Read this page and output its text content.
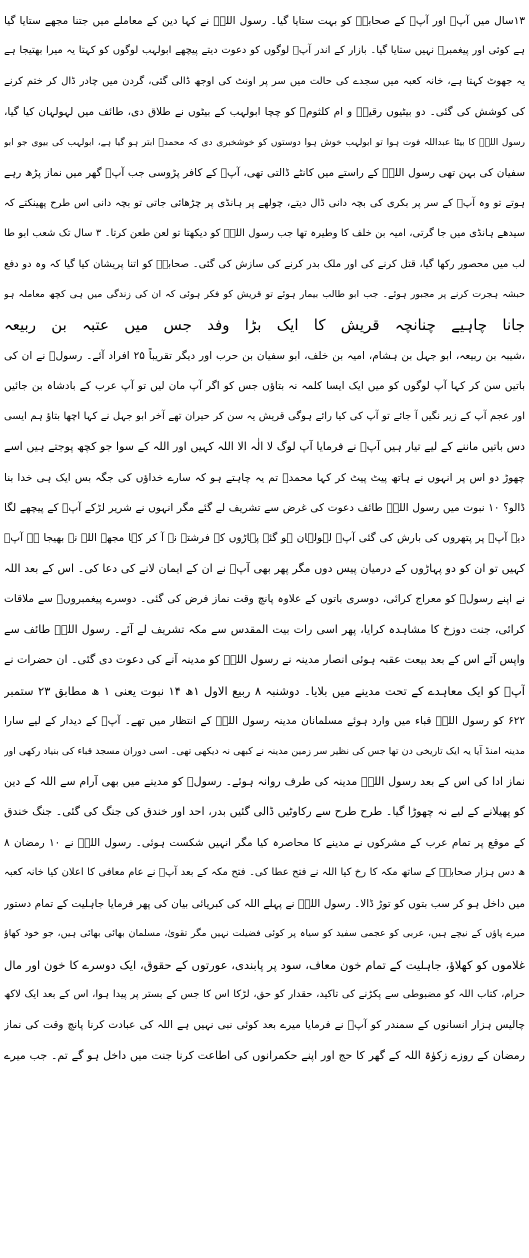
۱۳سال میں آپؐ اور آپؐ کے صحابہؓ کو بہت ستایا گیا۔ رسول اللہؐ نے کہا دین کے معاملے میں جتنا مجھے ستایا گیا
ہے کوئی اور پیغمبرؑ نہیں ستایا گیا۔ بازار کے اندر آپؐ لوگوں کو دعوت دیتے پیچھے ابولہب لوگوں کو کہتا یہ میرا بھتیجا ہے
یہ جھوٹ کہتا ہے، خانہ کعبہ میں سجدے کی حالت میں سر پر اونٹ کی اوجھ ڈالی گئی، گردن میں چادر ڈال کر ختم کرنے
کی کوشش کی گئی۔ دو بیٹیوں رقیہؓ و ام کلثومؓ کو چچا ابولہب کے بیٹوں نے طلاق دی، طائف میں لہولہان کیا گیا،
رسول اللہؐ کا بیٹا عبداللہ فوت ہوا تو ابولہب خوش ہوا دوستوں کو خوشخبری دی کہ محمدؐ ابتر ہو گیا ہے، ابولہب کی بیوی جو ابو
سفیان کی بہن تھی رسول اللہؐ کے راستے میں کانٹے ڈالتی تھی، آپؐ کے کافر پڑوسی جب آپؐ گھر میں نماز پڑھ رہے
ہوتے تو وہ آپؐ کے سر پر بکری کی بچہ دانی ڈال دیتے، چولھے پر ہانڈی پر چڑھائی جاتی تو بچہ دانی اس طرح پھینکتے کہ
سیدھے ہانڈی میں جا گرتی، امیہ بن خلف کا وطیرہ تھا جب رسول اللہؐ کو دیکھتا تو لعن طعن کرتا۔ ۳ سال تک شعب ابو طا
لب میں محصور رکھا گیا، قتل کرنے کی اور ملک بدر کرنے کی سازش کی گئی۔ صحابہؓ کو اتنا پریشان کیا گیا کہ وہ دو دفع
حبشہ ہجرت کرنے پر مجبور ہوئے۔ جب ابو طالب بیمار ہوئے تو قریش کو فکر ہوئی کہ ان کی زندگی میں ہی کچھ معاملہ ہو
جانا چاہیے چنانچہ قریش کا ایک بڑا وفد جس میں عتبہ بن ربیعہ
،شیبہ بن ربیعہ، ابو جہل بن ہشام، امیہ بن خلف، ابو سفیان بن حرب اور دیگر تقریباً ۲۵ افراد آئے۔ رسولؐ نے ان کی
باتیں سن کر کہا آپ لوگوں کو میں ایک ایسا کلمہ نہ بتاؤں جس کو اگر آپ مان لیں تو آپ عرب کے بادشاہ بن جائیں
اور عجم آپ کے زیر نگیں آ جائے تو آپ کی کیا رائے ہوگی قریش یہ سن کر حیران تھے آخر ابو جہل نے کہا اچھا بتاؤ ہم ایسی
دس باتیں ماننے کے لیے تیار ہیں آپؐ نے فرمایا آپ لوگ لا الٰہ الا اللہ کہیں اور اللہ کے سوا جو کچھ پوجتے ہیں اسے
چھوڑ دو اس پر انہوں نے ہاتھ پیٹ پیٹ کر کہا محمدؐ تم یہ چاہتے ہو کہ سارے خداؤں کی جگہ بس ایک ہی خدا بنا
ڈالو؟ ۱۰ نبوت میں رسول اللہؐ طائف دعوت کی غرض سے تشریف لے گئے مگر انہوں نے شریر لڑکے آپؐ کے پیچھے لگا
دیے آپؐ پر پتھروں کی بارش کی گئی آپؐ لہولہان ہو گئے پہاڑوں کے فرشتے نے آ کر کہا مجھے اللہ نے بھیجا ہے آپؐ
کہیں تو ان کو دو پہاڑوں کے درمیان پیس دوں مگر پھر بھی آپؐ نے ان کے ایمان لانے کی دعا کی۔ اس کے بعد اللہ
نے اپنے رسولؐ کو معراج کرائی، دوسری باتوں کے علاوہ پانچ وقت نماز فرض کی گئی۔ دوسرے پیغمبروںؑ سے ملاقات
کرائی، جنت دوزخ کا مشاہدہ کرایا، پھر اسی رات بیت المقدس سے مکہ تشریف لے آئے۔ رسول اللہؐ طائف سے
واپس آئے اس کے بعد بیعت عقبہ ہوئی انصار مدینہ نے رسول اللہؐ کو مدینہ آنے کی دعوت دی گئی۔ ان حضرات نے
آپؐ کو ایک معاہدے کے تحت مدینے میں بلایا۔ دوشنبہ ۸ ربیع الاول ۱ھ ۱۴ نبوت یعنی ۱ ھ مطابق ۲۳ ستمبر
۶۲۲ کو رسول اللہؐ قباء میں وارد ہوئے مسلمانان مدینہ رسول اللہؐ کے انتظار میں تھے۔ آپؐ کے دیدار کے لیے سارا
مدینہ امنڈ آیا یہ ایک تاریخی دن تھا جس کی نظیر سر زمین مدینہ نے کبھی نہ دیکھی تھی۔ اسی دوران مسجد قباء کی بنیاد رکھی اور
نماز ادا کی اس کے بعد رسول اللہؐ مدینہ کی طرف روانہ ہوئے۔ رسولؐ کو مدینے میں بھی آرام سے اللہ کے دین
کو پھیلانے کے لیے نہ چھوڑا گیا۔ طرح طرح سے رکاوٹیں ڈالی گئیں بدر، احد اور خندق کی جنگ کی گئی۔ جنگ خندق
کے موقع پر تمام عرب کے مشرکوں نے مدینے کا محاصرہ کیا مگر انہیں شکست ہوئی۔ رسول اللہؐ نے ۱۰ رمضان ۸
ھ دس ہزار صحابہؓ کے ساتھ مکہ کا رخ کیا اللہ نے فتح عطا کی۔ فتح مکہ کے بعد آپؐ نے عام معافی کا اعلان کیا خانہ کعبہ
میں داخل ہو کر سب بتوں کو توڑ ڈالا۔ رسول اللہؐ نے پہلے اللہ کی کبریائی بیان کی پھر فرمایا جاہلیت کے تمام دستور
میرے پاؤں کے نیچے ہیں، عربی کو عجمی سفید کو سیاہ پر کوئی فضیلت نہیں مگر تقویٰ، مسلمان بھائی بھائی ہیں، جو خود کھاؤ
غلاموں کو کھلاؤ، جاہلیت کے تمام خون معاف، سود پر پابندی، عورتوں کے حقوق، ایک دوسرے کا خون اور مال
حرام، کتاب اللہ کو مضبوطی سے پکڑنے کی تاکید، حقدار کو حق، لڑکا اس کا جس کے بستر پر پیدا ہوا، اس کے بعد ایک لاکھ
چالیس ہزار انسانوں کے سمندر کو آپؐ نے فرمایا میرے بعد کوئی نبی نہیں ہے اللہ کی عبادت کرنا پانچ وقت کی نماز
رمضان کے روزے زکوٰۃ اللہ کے گھر کا حج اور اپنے حکمرانوں کی اطاعت کرنا جنت میں داخل ہو گے تم۔ جب میرے
